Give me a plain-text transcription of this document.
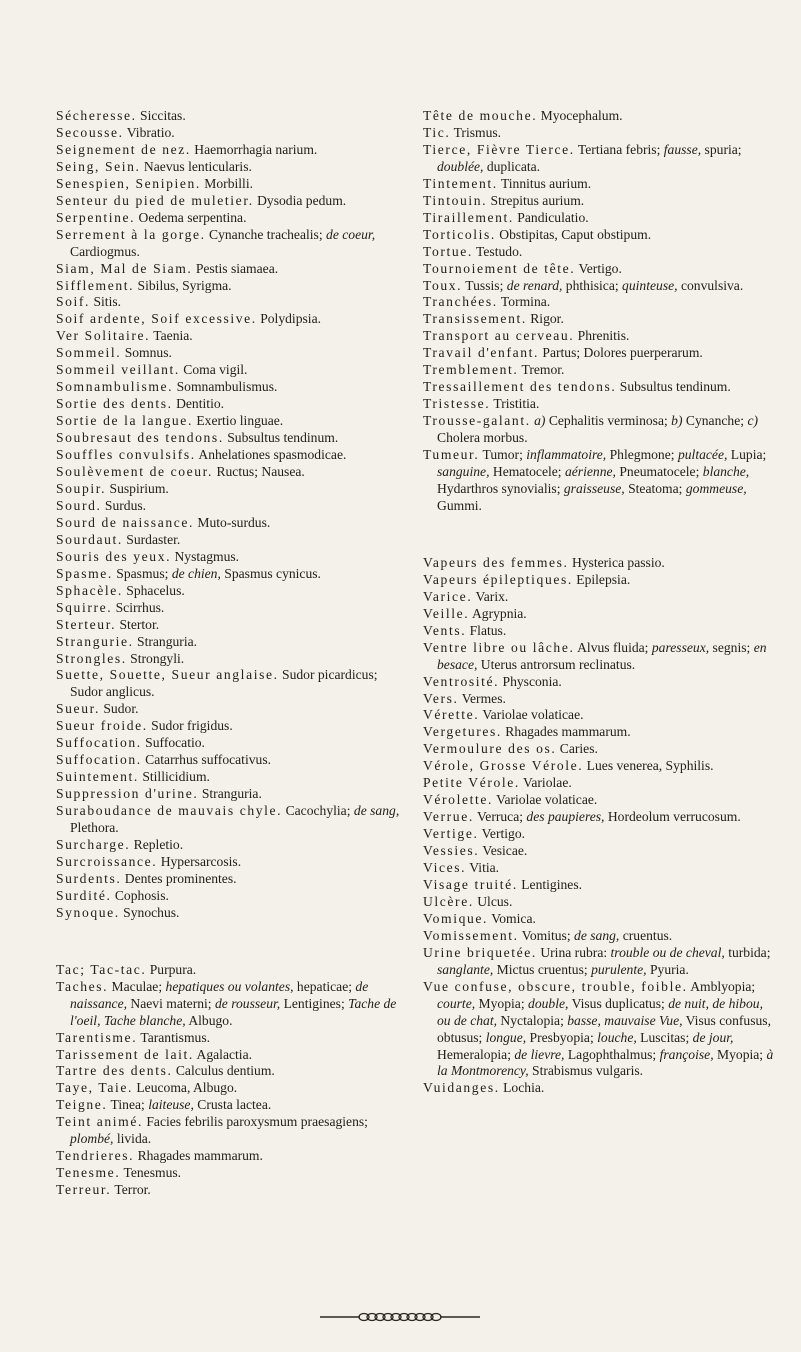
Sécheresse. Siccitas.

Secousse. Vibratio.

Seignement de nez. Haemorrhagia narium.

Seing, Sein. Naevus lenticularis.

Senespien, Senipien. Morbilli.

Senteur du pied de muletier. Dysodia pedum.

Serpentine. Oedema serpentina.

Serrement à la gorge. Cynanche trachealis; de coeur, Cardiogmus.

Siam, Mal de Siam. Pestis siamaea.

Sifflement. Sibilus, Syrigma.

Soif. Sitis.

Soif ardente, Soif excessive. Polydipsia.

Ver Solitaire. Taenia.

Sommeil. Somnus.

Sommeil veillant. Coma vigil.

Somnambulisme. Somnambulismus.

Sortie des dents. Dentitio.

Sortie de la langue. Exertio linguae.

Soubresaut des tendons. Subsultus tendinum.

Souffles convulsifs. Anhelationes spasmodicae.

Soulèvement de coeur. Ructus; Nausea.

Soupir. Suspirium.

Sourd. Surdus.

Sourd de naissance. Muto-surdus.

Sourdaut. Surdaster.

Souris des yeux. Nystagmus.

Spasme. Spasmus; de chien, Spasmus cynicus.

Sphacèle. Sphacelus.

Squirre. Scirrhus.

Sterteur. Stertor.

Strangurie. Stranguria.

Strongles. Strongyli.

Suette, Souette, Sueur anglaise. Sudor picardicus; Sudor anglicus.

Sueur. Sudor.

Sueur froide. Sudor frigidus.

Suffocation. Suffocatio.

Suffocation. Catarrhus suffocativus.

Suintement. Stillicidium.

Suppression d'urine. Stranguria.

Suraboudance de mauvais chyle. Cacochylia; de sang, Plethora.

Surcharge. Repletio.

Surcroissance. Hypersarcosis.

Surdents. Dentes prominentes.

Surdité. Cophosis.

Synoque. Synochus.

Tac; Tac-tac. Purpura.

Taches. Maculae; hepatiques ou volantes, hepaticae; de naissance, Naevi materni; de rousseur, Lentigines; Tache de l'oeil, Tache blanche, Albugo.

Tarentisme. Tarantismus.

Tarissement de lait. Agalactia.

Tartre des dents. Calculus dentium.

Taye, Taie. Leucoma, Albugo.

Teigne. Tinea; laiteuse, Crusta lactea.

Teint animé. Facies febrilis paroxysmum praesagiens; plombé, livida.

Tendrieres. Rhagades mammarum.

Tenesme. Tenesmus.

Terreur. Terror.

Tête de mouche. Myocephalum.

Tic. Trismus.

Tierce, Fièvre Tierce. Tertiana febris; fausse, spuria; doublée, duplicata.

Tintement. Tinnitus aurium.

Tintouin. Strepitus aurium.

Tiraillement. Pandiculatio.

Torticolis. Obstipitas, Caput obstipum.

Tortue. Testudo.

Tournoiement de tête. Vertigo.

Toux. Tussis; de renard, phthisica; quinteuse, convulsiva.

Tranchées. Tormina.

Transissement. Rigor.

Transport au cerveau. Phrenitis.

Travail d'enfant. Partus; Dolores puerperarum.

Tremblement. Tremor.

Tressaillement des tendons. Subsultus tendinum.

Tristesse. Tristitia.

Trousse-galant. a) Cephalitis verminosa; b) Cynanche; c) Cholera morbus.

Tumeur. Tumor; inflammatoire, Phlegmone; pultacée, Lupia; sanguine, Hematocele; aérienne, Pneumatocele; blanche, Hydarthros synovialis; graisseuse, Steatoma; gommeuse, Gummi.

Vapeurs des femmes. Hysterica passio.

Vapeurs épileptiques. Epilepsia.

Varice. Varix.

Veille. Agrypnia.

Vents. Flatus.

Ventre libre ou lâche. Alvus fluida; paresseux, segnis; en besace, Uterus antrorsum reclinatus.

Ventrosité. Physconia.

Vers. Vermes.

Vérette. Variolae volaticae.

Vergetures. Rhagades mammarum.

Vermoulure des os. Caries.

Vérole, Grosse Vérole. Lues venerea, Syphilis.

Petite Vérole. Variolae.

Vérolette. Variolae volaticae.

Verrue. Verruca; des paupieres, Hordeolum verrucosum.

Vertige. Vertigo.

Vessies. Vesicae.

Vices. Vitia.

Visage truité. Lentigines.

Ulcère. Ulcus.

Vomique. Vomica.

Vomissement. Vomitus; de sang, cruentus.

Urine briquetée. Urina rubra: trouble ou de cheval, turbida; sanglante, Mictus cruentus; purulente, Pyuria.

Vue confuse, obscure, trouble, foible. Amblyopia; courte, Myopia; double, Visus duplicatus; de nuit, de hibou, ou de chat, Nyctalopia; basse, mauvaise Vue, Visus confusus, obtusus; longue, Presbyopia; louche, Luscitas; de jour, Hemeralopia; de lievre, Lagophthalmus; françoise, Myopia; à la Montmorency, Strabismus vulgaris.

Vuidanges. Lochia.
